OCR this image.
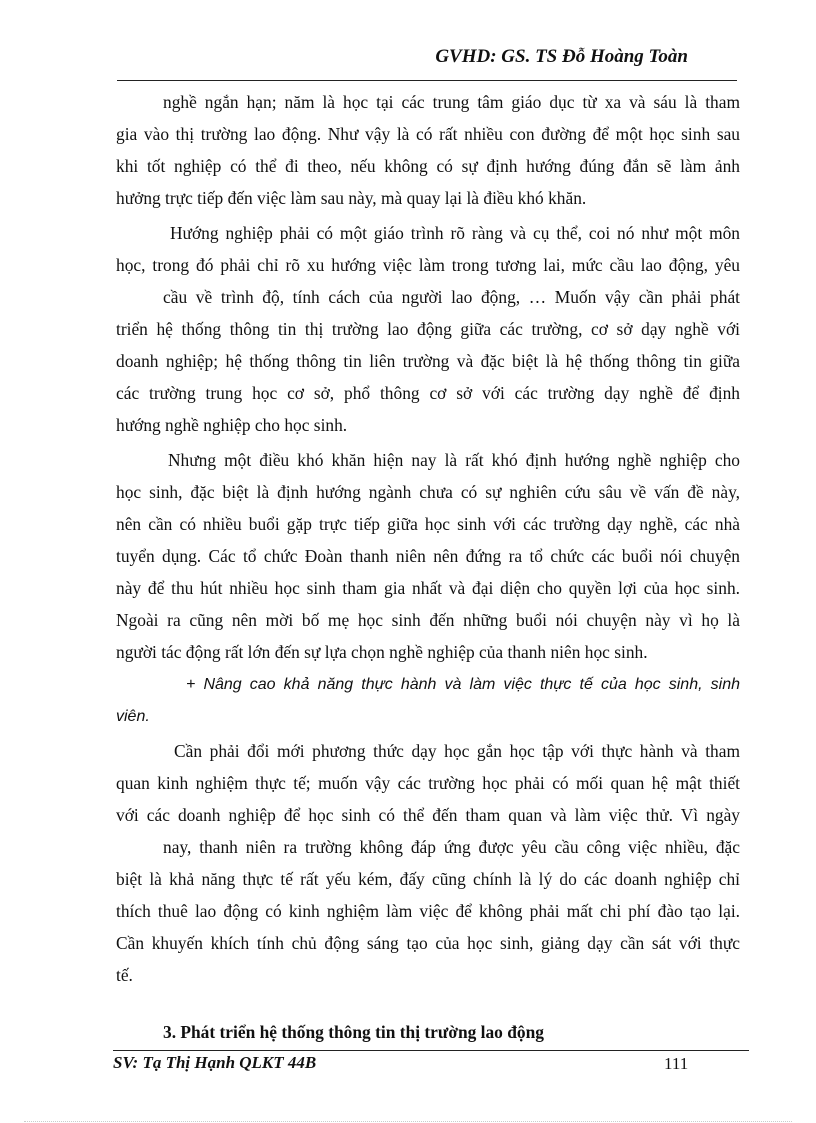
GVHD: GS. TS Đỗ Hoàng Toàn
nghề ngắn hạn; năm là học tại các trung tâm giáo dục từ xa và sáu là tham
gia vào thị trường lao động. Như vậy là có rất nhiều con đường để một học sinh sau
khi tốt nghiệp có thể đi theo, nếu không có sự định hướng đúng đắn sẽ làm ảnh
hưởng trực tiếp đến việc làm sau này, mà quay lại là điều khó khăn.
Hướng nghiệp phải có một giáo trình rõ ràng và cụ thể, coi nó như một môn
học, trong đó phải chỉ rõ xu hướng việc làm trong tương lai, mức cầu lao động, yêu
cầu về trình độ, tính cách của người lao động, … Muốn vậy cần phải phát
triển hệ thống thông tin thị trường lao động giữa các trường, cơ sở dạy nghề với
doanh nghiệp; hệ thống thông tin liên trường và đặc biệt là hệ thống thông tin giữa
các trường trung học cơ sở, phổ thông cơ sở với các trường dạy nghề để định
hướng nghề nghiệp cho học sinh.
Nhưng một điều khó khăn hiện nay là rất khó định hướng nghề nghiệp cho
học sinh, đặc biệt là định hướng ngành chưa có sự nghiên cứu sâu về vấn đề này,
nên cần có nhiều buổi gặp trực tiếp giữa học sinh với các trường dạy nghề, các nhà
tuyển dụng. Các tổ chức Đoàn thanh niên nên đứng ra tổ chức các buổi nói chuyện
này để thu hút nhiều học sinh tham gia nhất và đại diện cho quyền lợi của học sinh.
Ngoài ra cũng nên mời bố mẹ học sinh đến những buổi nói chuyện này vì họ là
người tác động rất lớn đến sự lựa chọn nghề nghiệp của thanh niên học sinh.
+ Nâng cao khả năng thực hành và làm việc thực tế của học sinh, sinh
viên.
Cần phải đổi mới phương thức dạy học gắn học tập với thực hành và tham
quan kinh nghiệm thực tế; muốn vậy các trường học phải có mối quan hệ mật thiết
với các doanh nghiệp để học sinh có thể đến tham quan và làm việc thử. Vì ngày
nay, thanh niên ra trường không đáp ứng được yêu cầu công việc nhiều, đặc
biệt là khả năng thực tế rất yếu kém, đấy cũng chính là lý do các doanh nghiệp chỉ
thích thuê lao động có kinh nghiệm làm việc để không phải mất chi phí đào tạo lại.
Cần khuyến khích tính chủ động sáng tạo của học sinh, giảng dạy cần sát với thực
tế.
3. Phát triển hệ thống thông tin thị trường lao động
SV: Tạ Thị Hạnh QLKT 44B	111
